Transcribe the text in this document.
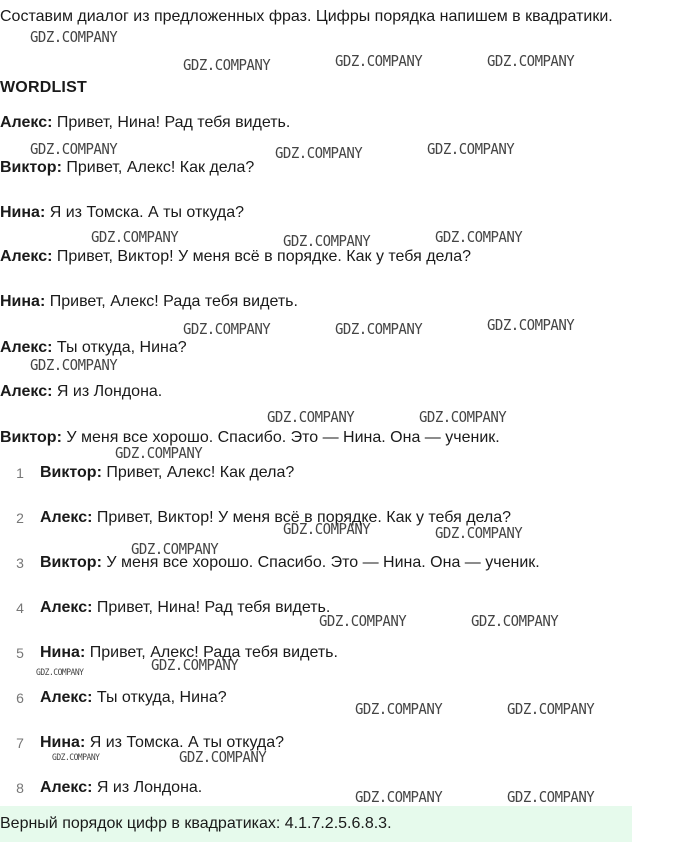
Составим диалог из предложенных фраз. Цифры порядка напишем в квадратики.

WORDLIST

Алекс: Привет, Нина! Рад тебя видеть.
Виктор: Привет, Алекс! Как дела?
Нина: Я из Томска. А ты откуда?
Алекс: Привет, Виктор! У меня всё в порядке. Как у тебя дела?
Нина: Привет, Алекс! Рада тебя видеть.
Алекс: Ты откуда, Нина?
Алекс: Я из Лондона.
Виктор: У меня все хорошо. Спасибо. Это — Нина. Она — ученик.
1 Виктор: Привет, Алекс! Как дела?
2 Алекс: Привет, Виктор! У меня всё в порядке. Как у тебя дела?
3 Виктор: У меня все хорошо. Спасибо. Это — Нина. Она — ученик.
4 Алекс: Привет, Нина! Рад тебя видеть.
5 Нина: Привет, Алекс! Рада тебя видеть.
6 Алекс: Ты откуда, Нина?
7 Нина: Я из Томска. А ты откуда?
8 Алекс: Я из Лондона.
Верный порядок цифр в квадратиках: 4.1.7.2.5.6.8.3.
GDZ.COMPANY
GDZ.COMPANY	GDZ.COMPANY	GDZ.COMPANY
GDZ.COMPANY	GDZ.COMPANY	GDZ.COMPANY
GDZ.COMPANY	GDZ.COMPANY	GDZ.COMPANY
GDZ.COMPANY	GDZ.COMPANY	GDZ.COMPANY
GDZ.COMPANY
GDZ.COMPANY	GDZ.COMPANY
GDZ.COMPANY
GDZ.COMPANY	GDZ.COMPANY
GDZ.COMPANY
GDZ.COMPANY	GDZ.COMPANY
GDZ.COMPANY	GDZ.COMPANY
GDZ.COMPANY	GDZ.COMPANY
GDZ.COMPANY	GDZ.COMPANY
GDZ.COMPANY	GDZ.COMPANY
